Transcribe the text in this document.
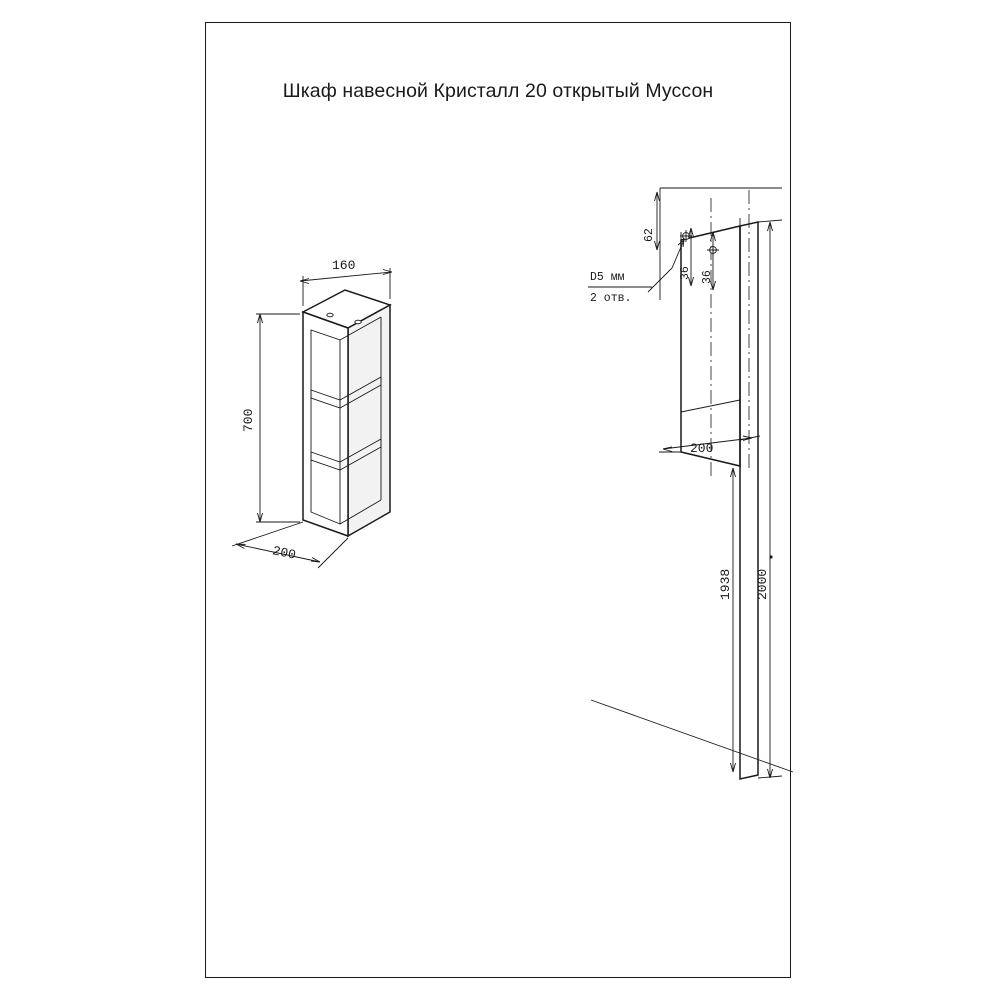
Шкаф навесной Кристалл 20 открытый Муссон
160
700
200
D5 мм
2 отв.
62
36 36
200
1938 2000
